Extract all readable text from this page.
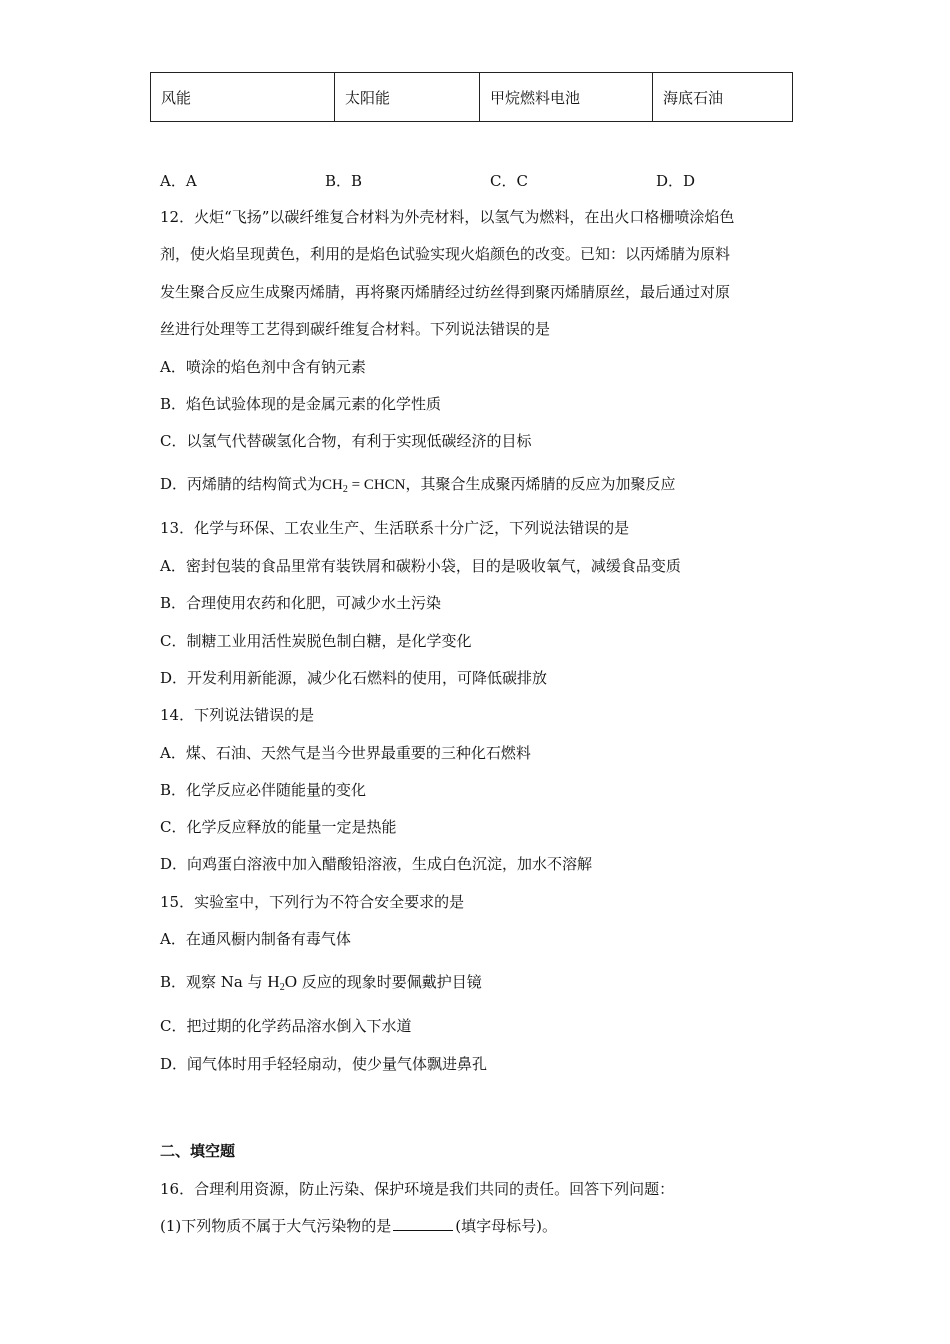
风能	太阳能	甲烷燃料电池	海底石油
A．A	B．B	C．C	D．D
12．火炬“飞扬”以碳纤维复合材料为外壳材料，以氢气为燃料，在出火口格栅喷涂焰色
剂，使火焰呈现黄色，利用的是焰色试验实现火焰颜色的改变。已知：以丙烯腈为原料
发生聚合反应生成聚丙烯腈，再将聚丙烯腈经过纺丝得到聚丙烯腈原丝，最后通过对原
丝进行处理等工艺得到碳纤维复合材料。下列说法错误的是
A．喷涂的焰色剂中含有钠元素
B．焰色试验体现的是金属元素的化学性质
C．以氢气代替碳氢化合物，有利于实现低碳经济的目标
D．丙烯腈的结构简式为$CH_2$ = CHCN，其聚合生成聚丙烯腈的反应为加聚反应
13．化学与环保、工农业生产、生活联系十分广泛，下列说法错误的是
A．密封包装的食品里常有装铁屑和碳粉小袋，目的是吸收氧气，减缓食品变质
B．合理使用农药和化肥，可减少水土污染
C．制糖工业用活性炭脱色制白糖，是化学变化
D．开发利用新能源，减少化石燃料的使用，可降低碳排放
14．下列说法错误的是
A．煤、石油、天然气是当今世界最重要的三种化石燃料
B．化学反应必伴随能量的变化
C．化学反应释放的能量一定是热能
D．向鸡蛋白溶液中加入醋酸铅溶液，生成白色沉淀，加水不溶解
15．实验室中，下列行为不符合安全要求的是
A．在通风橱内制备有毒气体
B．观察 Na 与 $H_2O$ 反应的现象时要佩戴护目镜
C．把过期的化学药品溶水倒入下水道
D．闻气体时用手轻轻扇动，使少量气体飘进鼻孔
二、填空题
16．合理利用资源，防止污染、保护环境是我们共同的责任。回答下列问题：
(1)下列物质不属于大气污染物的是	(填字母标号)。
